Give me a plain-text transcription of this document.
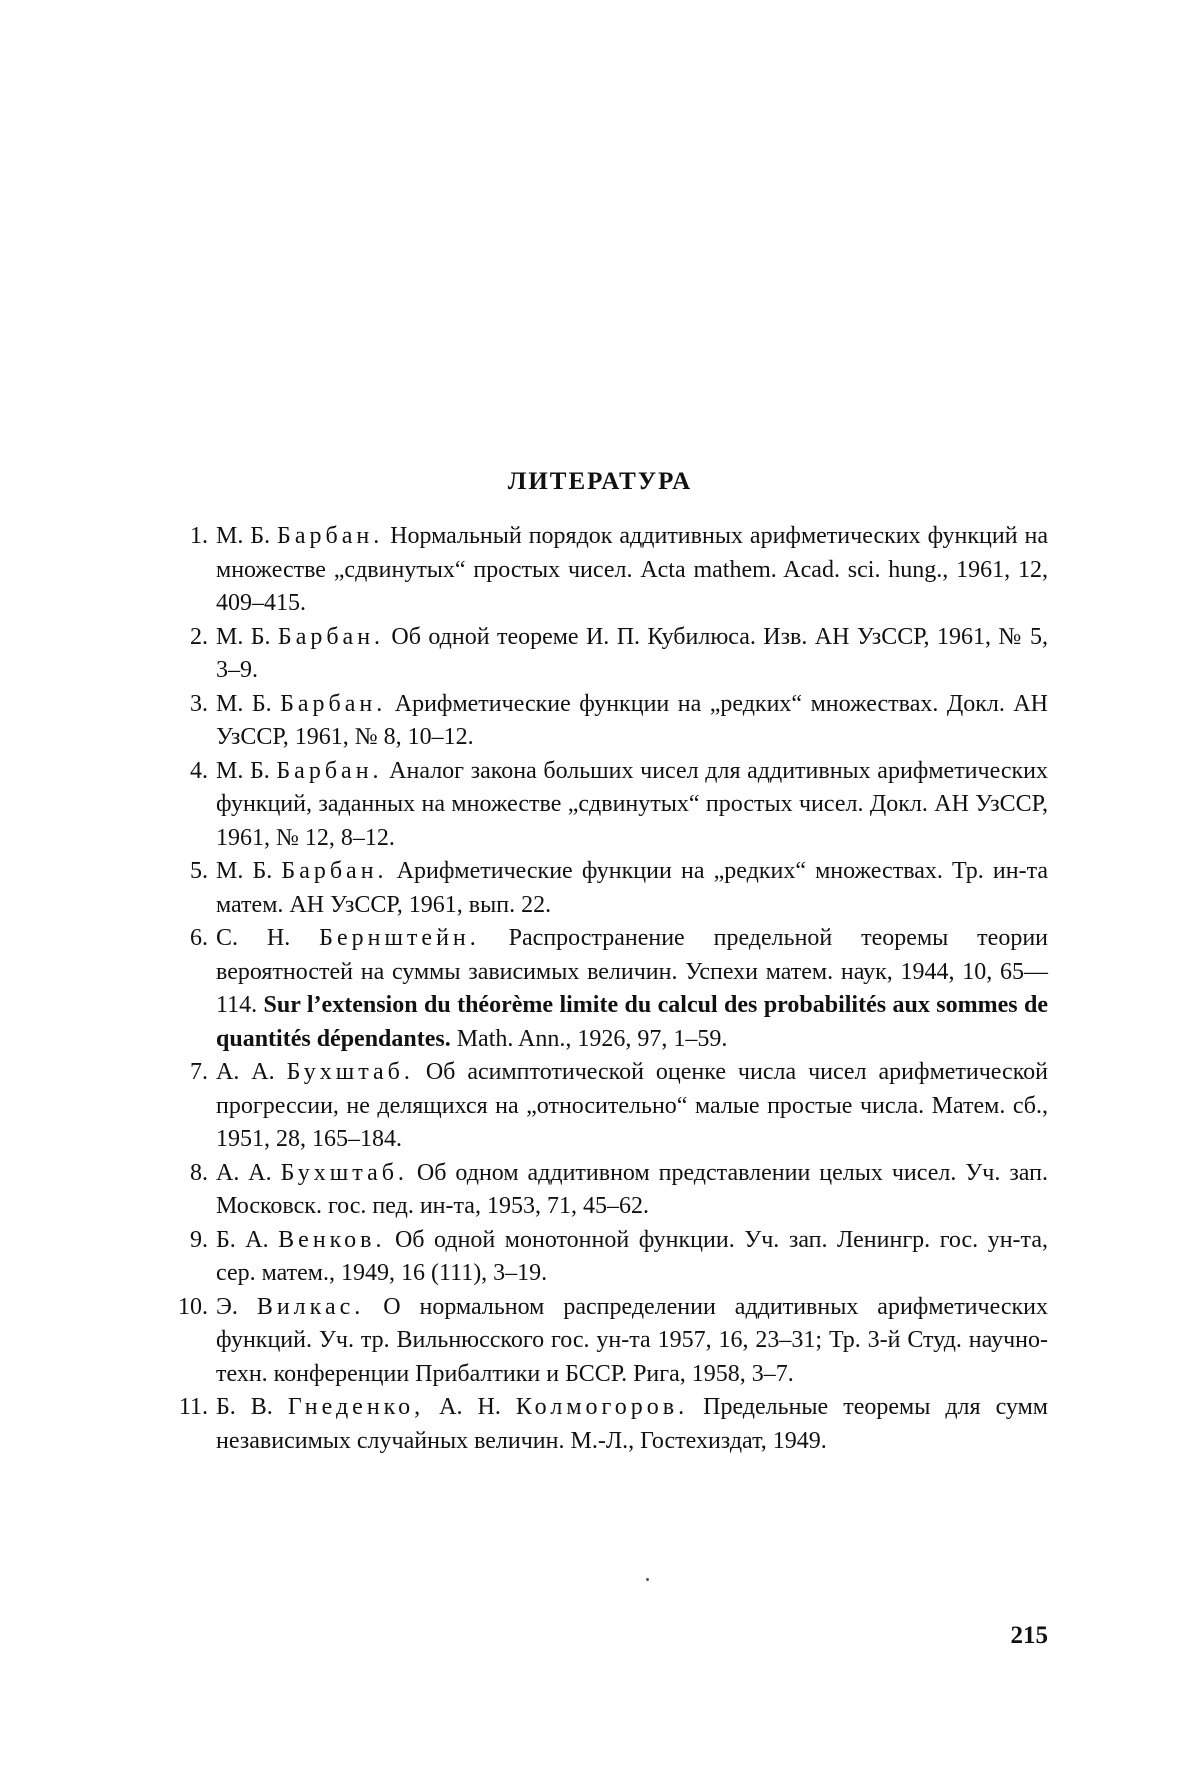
ЛИТЕРАТУРА
1. М. Б. Барбан. Нормальный порядок аддитивных арифметических функций на множестве „сдвинутых“ простых чисел. Acta mathem. Acad. sci. hung., 1961, 12, 409–415.
2. М. Б. Барбан. Об одной теореме И. П. Кубилюса. Изв. АН УзССР, 1961, № 5, 3–9.
3. М. Б. Барбан. Арифметические функции на „редких“ множествах. Докл. АН УзССР, 1961, № 8, 10–12.
4. М. Б. Барбан. Аналог закона больших чисел для аддитивных арифметических функций, заданных на множестве „сдвинутых“ простых чисел. Докл. АН УзССР, 1961, № 12, 8–12.
5. М. Б. Барбан. Арифметические функции на „редких“ множествах. Тр. ин-та матем. АН УзССР, 1961, вып. 22.
6. С. Н. Бернштейн. Распространение предельной теоремы теории вероятностей на суммы зависимых величин. Успехи матем. наук, 1944, 10, 65—114. Sur l’extension du théorème limite du calcul des probabilités aux sommes de quantités dépendantes. Math. Ann., 1926, 97, 1–59.
7. А. А. Бухштаб. Об асимптотической оценке числа чисел арифметической прогрессии, не делящихся на „относительно“ малые простые числа. Матем. сб., 1951, 28, 165–184.
8. А. А. Бухштаб. Об одном аддитивном представлении целых чисел. Уч. зап. Московск. гос. пед. ин-та, 1953, 71, 45–62.
9. Б. А. Венков. Об одной монотонной функции. Уч. зап. Ленингр. гос. ун-та, сер. матем., 1949, 16 (111), 3–19.
10. Э. Вилкас. О нормальном распределении аддитивных арифметических функций. Уч. тр. Вильнюсского гос. ун-та 1957, 16, 23–31; Тр. 3-й Студ. научно-техн. конференции Прибалтики и БССР. Рига, 1958, 3–7.
11. Б. В. Гнеденко, А. Н. Колмогоров. Предельные теоремы для сумм независимых случайных величин. М.-Л., Гостехиздат, 1949.
215
